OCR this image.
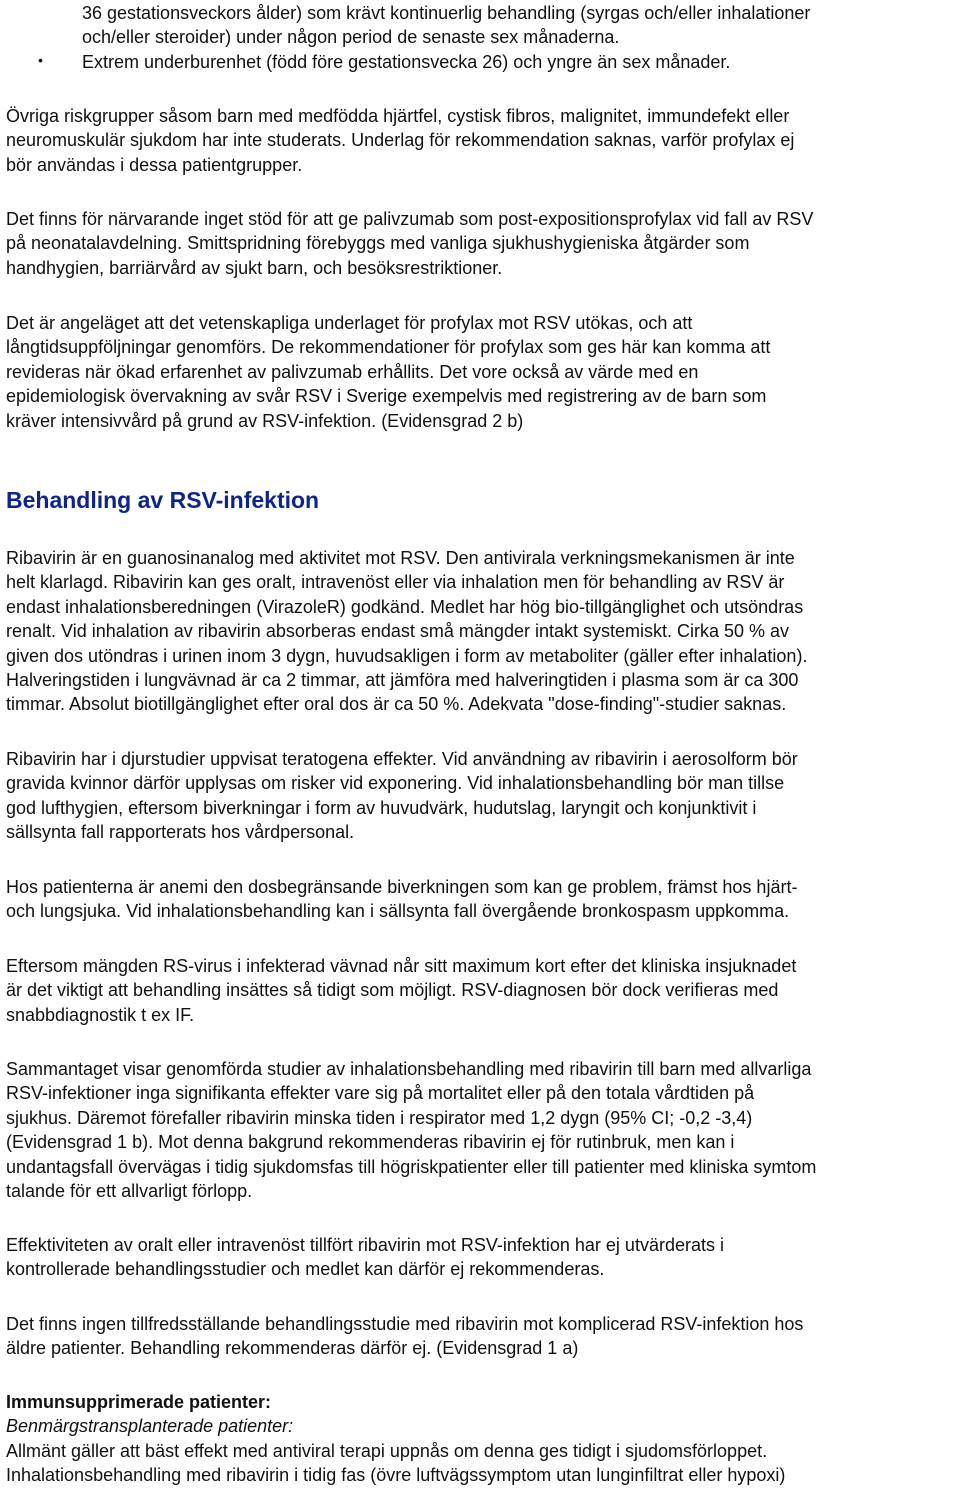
36 gestationsveckors ålder) som krävt kontinuerlig behandling (syrgas och/eller inhalationer
och/eller steroider) under någon period de senaste sex månaderna.

• Extrem underburenhet (född före gestationsvecka 26) och yngre än sex månader.

Övriga riskgrupper såsom barn med medfödda hjärtfel, cystisk fibros, malignitet, immundefekt eller
neuromuskulär sjukdom har inte studerats. Underlag för rekommendation saknas, varför profylax ej
bör användas i dessa patientgrupper.

Det finns för närvarande inget stöd för att ge palivzumab som post-expositionsprofylax vid fall av RSV
på neonatalavdelning. Smittspridning förebyggs med vanliga sjukhushygieniska åtgärder som
handhygien, barriärvård av sjukt barn, och besöksrestriktioner.

Det är angeläget att det vetenskapliga underlaget för profylax mot RSV utökas, och att
långtidsuppföljningar genomförs. De rekommendationer för profylax som ges här kan komma att
revideras när ökad erfarenhet av palivzumab erhållits. Det vore också av värde med en
epidemiologisk övervakning av svår RSV i Sverige exempelvis med registrering av de barn som
kräver intensivvård på grund av RSV-infektion. (Evidensgrad 2 b)

Behandling av RSV-infektion

Ribavirin är en guanosinanalog med aktivitet mot RSV. Den antivirala verkningsmekanismen är inte
helt klarlagd. Ribavirin kan ges oralt, intravenöst eller via inhalation men för behandling av RSV är
endast inhalationsberedningen (VirazoleR) godkänd. Medlet har hög bio-tillgänglighet och utsöndras
renalt. Vid inhalation av ribavirin absorberas endast små mängder intakt systemiskt. Cirka 50 % av
given dos utöndras i urinen inom 3 dygn, huvudsakligen i form av metaboliter (gäller efter inhalation).
Halveringstiden i lungvävnad är ca 2 timmar, att jämföra med halveringtiden i plasma som är ca 300
timmar. Absolut biotillgänglighet efter oral dos är ca 50 %. Adekvata "dose-finding"-studier saknas.

Ribavirin har i djurstudier uppvisat teratogena effekter. Vid användning av ribavirin i aerosolform bör
gravida kvinnor därför upplysas om risker vid exponering. Vid inhalationsbehandling bör man tillse
god lufthygien, eftersom biverkningar i form av huvudvärk, hudutslag, laryngit och konjunktivit i
sällsynta fall rapporterats hos vårdpersonal.

Hos patienterna är anemi den dosbegränsande biverkningen som kan ge problem, främst hos hjärt-
och lungsjuka. Vid inhalationsbehandling kan i sällsynta fall övergående bronkospasm uppkomma.

Eftersom mängden RS-virus i infekterad vävnad når sitt maximum kort efter det kliniska insjuknadet
är det viktigt att behandling insättes så tidigt som möjligt. RSV-diagnosen bör dock verifieras med
snabbdiagnostik t ex IF.

Sammantaget visar genomförda studier av inhalationsbehandling med ribavirin till barn med allvarliga
RSV-infektioner inga signifikanta effekter vare sig på mortalitet eller på den totala vårdtiden på
sjukhus. Däremot förefaller ribavirin minska tiden i respirator med 1,2 dygn (95% CI; -0,2 -3,4)
(Evidensgrad 1 b). Mot denna bakgrund rekommenderas ribavirin ej för rutinbruk, men kan i
undantagsfall övervägas i tidig sjukdomsfas till högriskpatienter eller till patienter med kliniska symtom
talande för ett allvarligt förlopp.

Effektiviteten av oralt eller intravenöst tillfört ribavirin mot RSV-infektion har ej utvärderats i
kontrollerade behandlingsstudier och medlet kan därför ej rekommenderas.

Det finns ingen tillfredsställande behandlingsstudie med ribavirin mot komplicerad RSV-infektion hos
äldre patienter. Behandling rekommenderas därför ej. (Evidensgrad 1 a)

Immunsupprimerade patienter:
Benmärgstransplanterade patienter:
Allmänt gäller att bäst effekt med antiviral terapi uppnås om denna ges tidigt i sjudomsförloppet.
Inhalationsbehandling med ribavirin i tidig fas (övre luftvägssymptom utan lunginfiltrat eller hypoxi)
